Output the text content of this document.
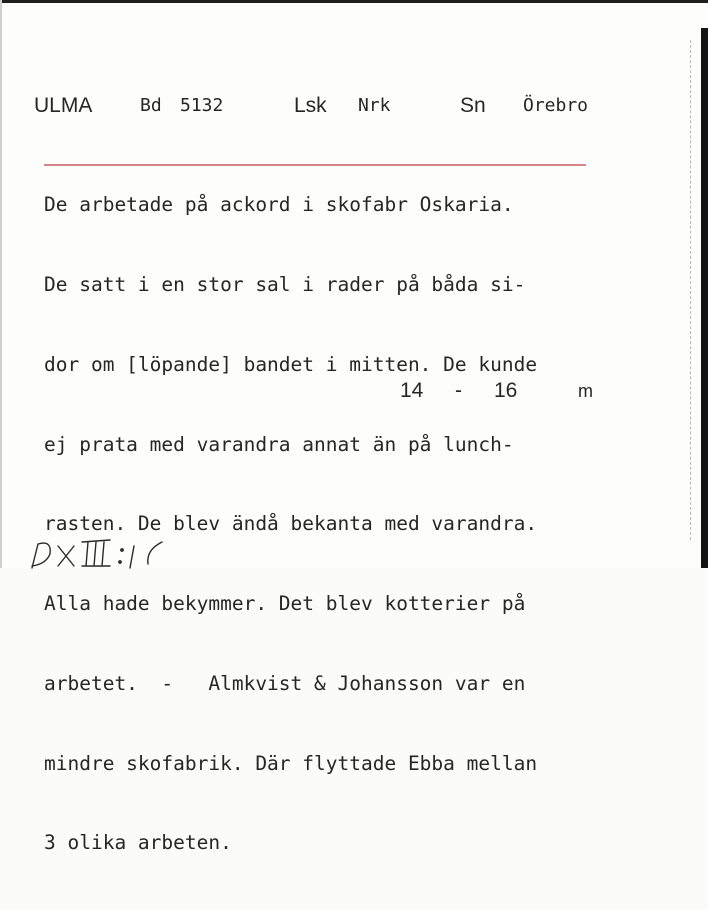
ULMA	Bd 5132	Lsk Nrk	Sn Örebro

De arbetade på ackord i skofabr Oskaria.

De satt i en stor sal i rader på båda si-

dor om [löpande] bandet i mitten. De kunde

ej prata med varandra annat än på lunch-

rasten. De blev ändå bekanta med varandra.

Alla hade bekymmer. Det blev kotterier på

arbetet.  -   Almkvist & Johansson var en

mindre skofabrik. Där flyttade Ebba mellan

3 olika arbeten.

14 - 16	m
